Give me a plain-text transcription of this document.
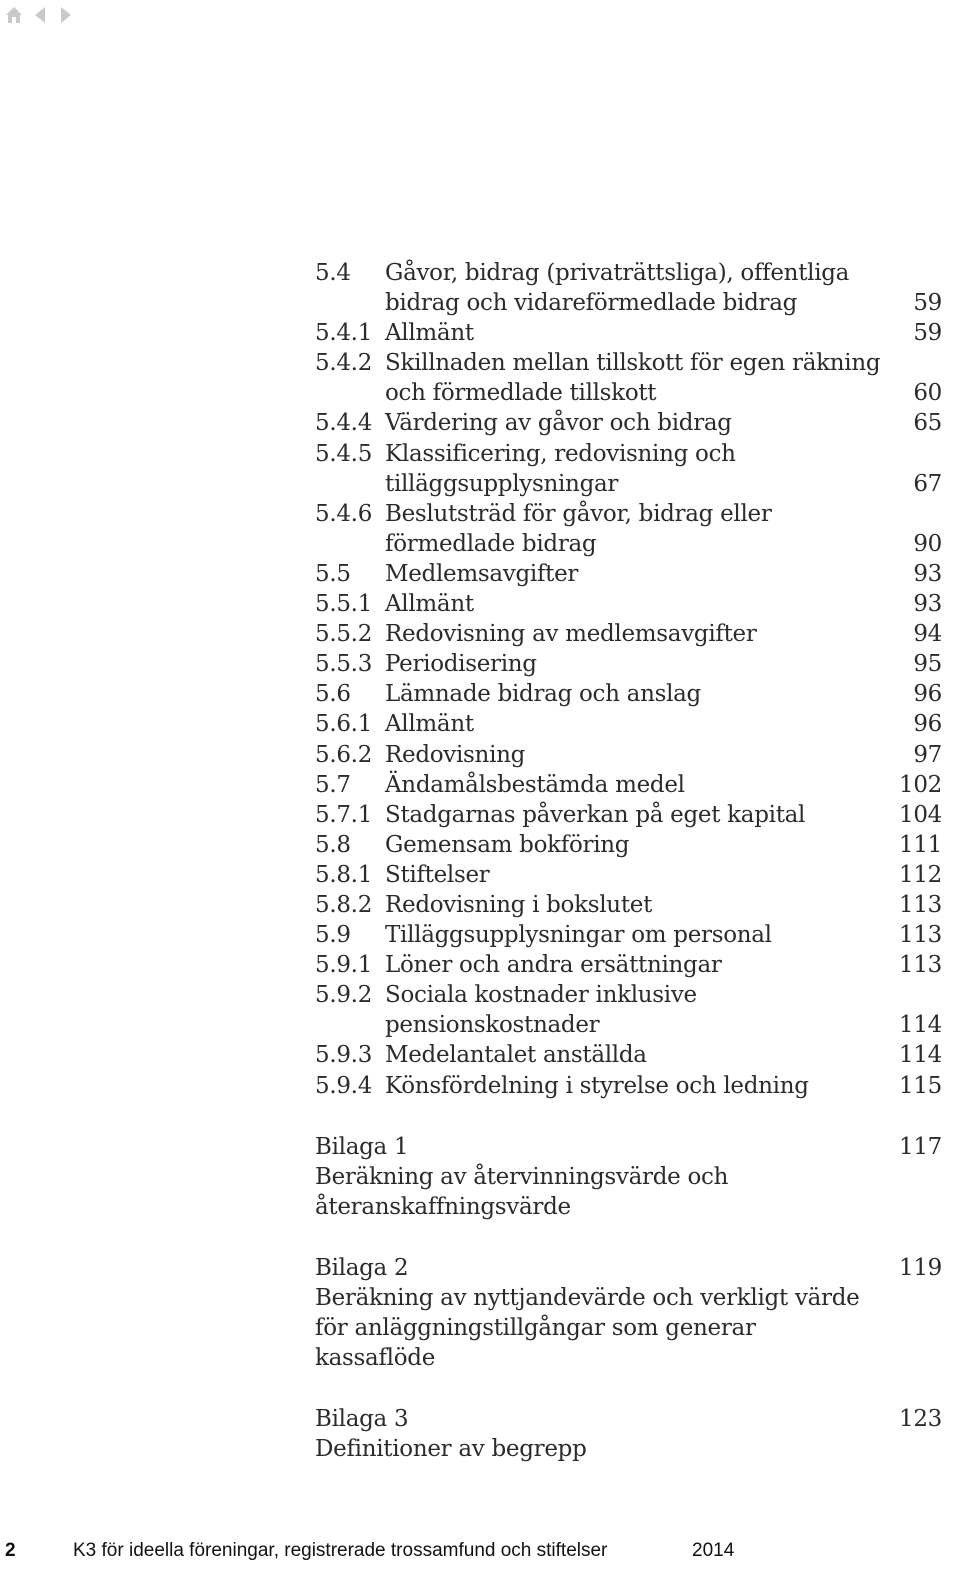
5.4	Gåvor, bidrag (privaträttsliga), offentliga bidrag och vidareförmedlade bidrag	59
5.4.1 Allmänt	59
5.4.2 Skillnaden mellan tillskott för egen räkning och förmedlade tillskott	60
5.4.4 Värdering av gåvor och bidrag	65
5.4.5 Klassificering, redovisning och tilläggsupplysningar	67
5.4.6 Beslutsträd för gåvor, bidrag eller förmedlade bidrag	90
5.5	Medlemsavgifter	93
5.5.1 Allmänt	93
5.5.2 Redovisning av medlemsavgifter	94
5.5.3 Periodisering	95
5.6	Lämnade bidrag och anslag	96
5.6.1 Allmänt	96
5.6.2 Redovisning	97
5.7	Ändamålsbestämda medel	102
5.7.1 Stadgarnas påverkan på eget kapital	104
5.8	Gemensam bokföring	111
5.8.1 Stiftelser	112
5.8.2 Redovisning i bokslutet	113
5.9	Tilläggsupplysningar om personal	113
5.9.1 Löner och andra ersättningar	113
5.9.2 Sociala kostnader inklusive pensionskostnader	114
5.9.3 Medelantalet anställda	114
5.9.4 Könsfördelning i styrelse och ledning	115
Bilaga 1	117
Beräkning av återvinningsvärde och återanskaffningsvärde
Bilaga 2	119
Beräkning av nyttjandevärde och verkligt värde för anläggningstillgångar som generar kassaflöde
Bilaga 3	123
Definitioner av begrepp
2	K3 för ideella föreningar, registrerade trossamfund och stiftelser	2014
